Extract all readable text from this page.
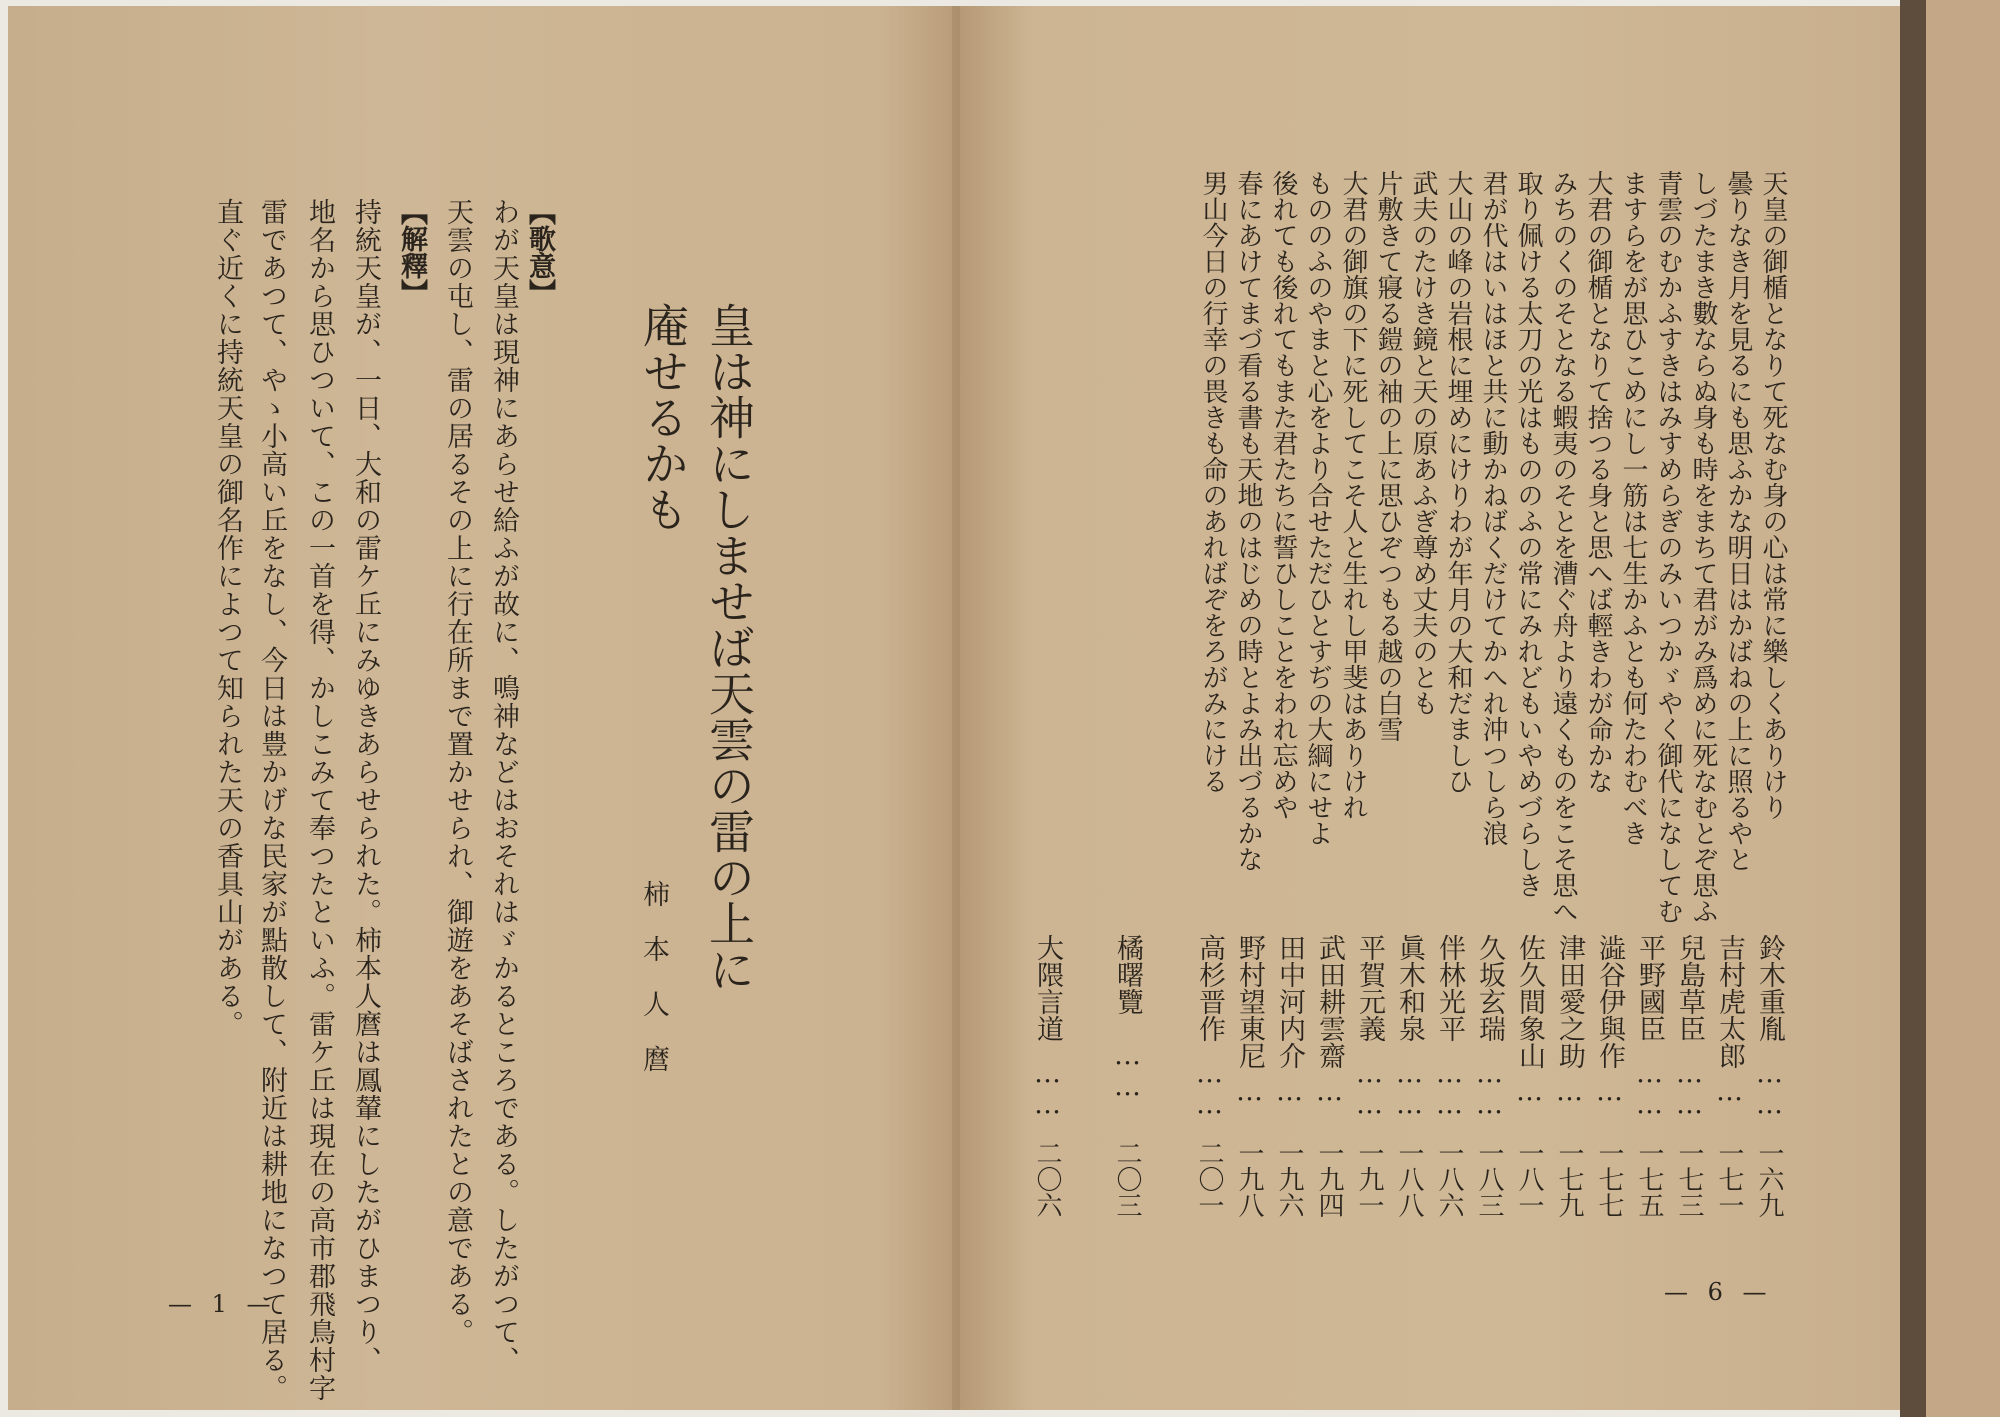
皇は神にしませば天雲の雷の上に
庵せるかも
柿本人麿
【歌意】
わが天皇は現神にあらせ給ふが故に、鳴神などはおそれはゞかるところである。したがつて、
天雲の屯し、雷の居るその上に行在所まで置かせられ、御遊をあそばされたとの意である。
【解釋】
持統天皇が、一日、大和の雷ケ丘にみゆきあらせられた。柿本人麿は鳳輦にしたがひまつり、
地名から思ひついて、この一首を得、かしこみて奉つたといふ。雷ケ丘は現在の高市郡飛鳥村字
雷であつて、やゝ小高い丘をなし、今日は豊かげな民家が點散して、附近は耕地になつて居る。
直ぐ近くに持統天皇の御名作によつて知られた天の香具山がある。
— 1 —
天皇の御楯となりて死なむ身の心は常に樂しくありけり
曇りなき月を見るにも思ふかな明日はかばねの上に照るやと
しづたまき數ならぬ身も時をまちて君がみ爲めに死なむとぞ思ふ
青雲のむかふすきはみすめらぎのみいつかゞやく御代になしてむ
ますらをが思ひこめにし一筋は七生かふとも何たわむべき
大君の御楯となりて捨つる身と思へば輕きわが命かな
みちのくのそとなる蝦夷のそとを漕ぐ舟より遠くものをこそ思へ
取り佩ける太刀の光はもののふの常にみれどもいやめづらしき
君が代はいはほと共に動かねばくだけてかへれ沖つしら浪
大山の峰の岩根に埋めにけりわが年月の大和だましひ
武夫のたけき鏡と天の原あふぎ尊め丈夫のとも
片敷きて寢る鎧の袖の上に思ひぞつもる越の白雪
大君の御旗の下に死してこそ人と生れし甲斐はありけれ
もののふのやまと心をより合せただひとすぢの大綱にせよ
後れても後れてもまた君たちに誓ひしことをわれ忘めや
春にあけてまづ看る書も天地のはじめの時とよみ出づるかな
男山今日の行幸の畏きも命のあればぞをろがみにける
鈴木重胤
……
一六九
吉村虎太郎
…
一七一
兒島草臣
……
一七三
平野國臣
……
一七五
澁谷伊與作
…
一七七
津田愛之助
…
一七九
佐久間象山
…
一八一
久坂玄瑞
……
一八三
伴林光平
……
一八六
眞木和泉
……
一八八
平賀元義
……
一九一
武田耕雲齋
…
一九四
田中河内介
…
一九六
野村望東尼
…
一九八
高杉晋作
……
二〇一
橘曙覽
……
二〇三
大隈言道
……
二〇六
— 6 —
